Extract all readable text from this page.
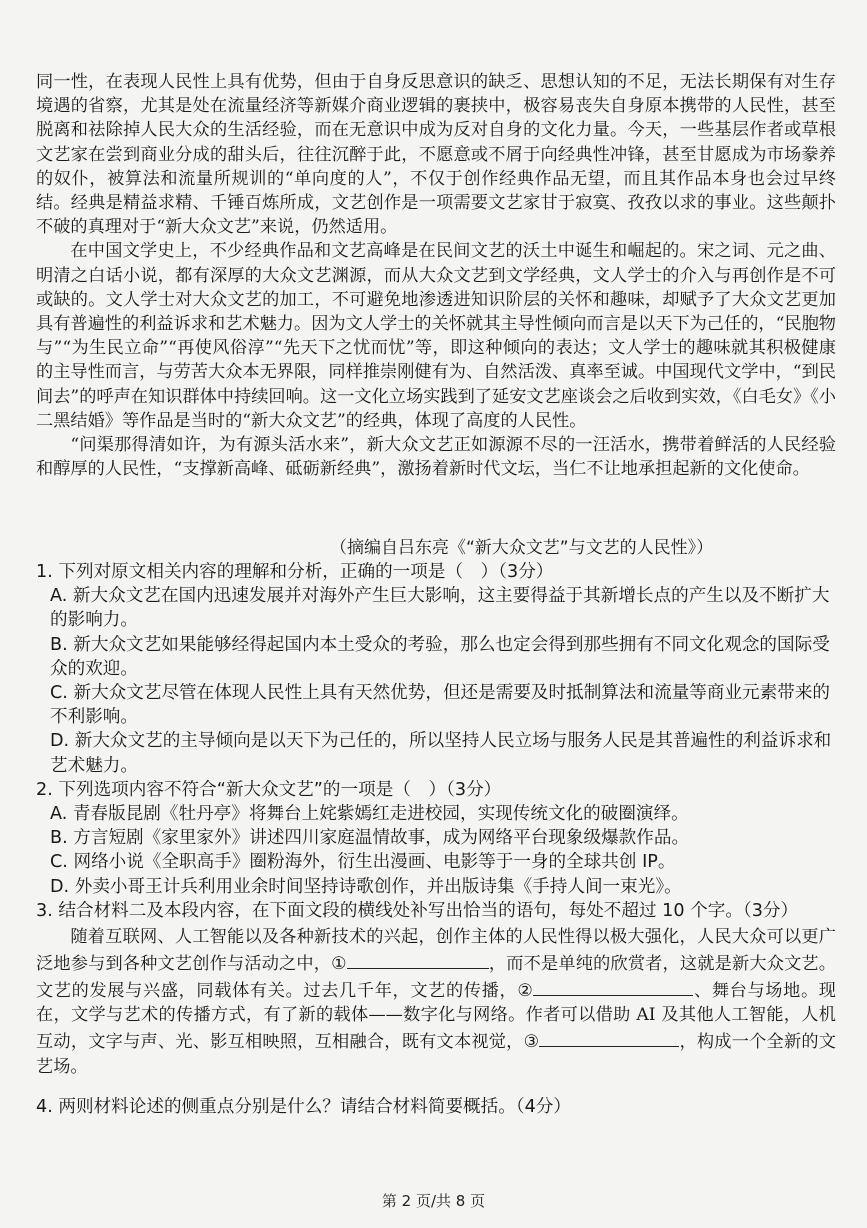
同一性，在表现人民性上具有优势，但由于自身反思意识的缺乏、思想认知的不足，无法长期保有对生存境遇的省察，尤其是处在流量经济等新媒介商业逻辑的裹挟中，极容易丧失自身原本携带的人民性，甚至脱离和祛除掉人民大众的生活经验，而在无意识中成为反对自身的文化力量。今天，一些基层作者或草根文艺家在尝到商业分成的甜头后，往往沉醉于此，不愿意或不屑于向经典性冲锋，甚至甘愿成为市场豢养的奴仆，被算法和流量所规训的“单向度的人”，不仅于创作经典作品无望，而且其作品本身也会过早终结。经典是精益求精、千锤百炼所成，文艺创作是一项需要文艺家甘于寂寞、孜孜以求的事业。这些颠扑不破的真理对于“新大众文艺”来说，仍然适用。

在中国文学史上，不少经典作品和文艺高峰是在民间文艺的沃土中诞生和崛起的。宋之词、元之曲、明清之白话小说，都有深厚的大众文艺渊源，而从大众文艺到文学经典，文人学士的介入与再创作是不可或缺的。文人学士对大众文艺的加工，不可避免地渗透进知识阶层的关怀和趣味，却赋予了大众文艺更加具有普遍性的利益诉求和艺术魅力。因为文人学士的关怀就其主导性倾向而言是以天下为己任的，“民胞物与”“为生民立命”“再使风俗淳”“先天下之忧而忧”等，即这种倾向的表达；文人学士的趣味就其积极健康的主导性而言，与劳苦大众本无界限，同样推崇刚健有为、自然活泼、真率至诚。中国现代文学中，“到民间去”的呼声在知识群体中持续回响。这一文化立场实践到了延安文艺座谈会之后收到实效，《白毛女》《小二黑结婚》等作品是当时的“新大众文艺”的经典，体现了高度的人民性。

“问渠那得清如许，为有源头活水来”，新大众文艺正如源源不尽的一汪活水，携带着鲜活的人民经验和醇厚的人民性，“支撑新高峰、砥砺新经典”，激扬着新时代文坛，当仁不让地承担起新的文化使命。

（摘编自吕东亮《“新大众文艺”与文艺的人民性》）

1. 下列对原文相关内容的理解和分析，正确的一项是（　）（3分）

A. 新大众文艺在国内迅速发展并对海外产生巨大影响，这主要得益于其新增长点的产生以及不断扩大的影响力。

B. 新大众文艺如果能够经得起国内本土受众的考验，那么也定会得到那些拥有不同文化观念的国际受众的欢迎。

C. 新大众文艺尽管在体现人民性上具有天然优势，但还是需要及时抵制算法和流量等商业元素带来的不利影响。

D. 新大众文艺的主导倾向是以天下为己任的，所以坚持人民立场与服务人民是其普遍性的利益诉求和艺术魅力。

2. 下列选项内容不符合“新大众文艺”的一项是（　）（3分）

A. 青春版昆剧《牡丹亭》将舞台上姹紫嫣红走进校园，实现传统文化的破圈演绎。

B. 方言短剧《家里家外》讲述四川家庭温情故事，成为网络平台现象级爆款作品。

C. 网络小说《全职高手》圈粉海外，衍生出漫画、电影等于一身的全球共创 IP。

D. 外卖小哥王计兵利用业余时间坚持诗歌创作，并出版诗集《手持人间一束光》。

3. 结合材料二及本段内容，在下面文段的横线处补写出恰当的语句，每处不超过 10 个字。（3分）

随着互联网、人工智能以及各种新技术的兴起，创作主体的人民性得以极大强化，人民大众可以更广泛地参与到各种文艺创作与活动之中，①	，而不是单纯的欣赏者，这就是新大众文艺。文艺的发展与兴盛，同载体有关。过去几千年，文艺的传播，②	、舞台与场地。现在，文学与艺术的传播方式，有了新的载体——数字化与网络。作者可以借助 AI 及其他人工智能，人机互动，文字与声、光、影互相映照，互相融合，既有文本视觉，③	，构成一个全新的文艺场。

4. 两则材料论述的侧重点分别是什么？请结合材料简要概括。（4分）

第 2 页/共 8 页
